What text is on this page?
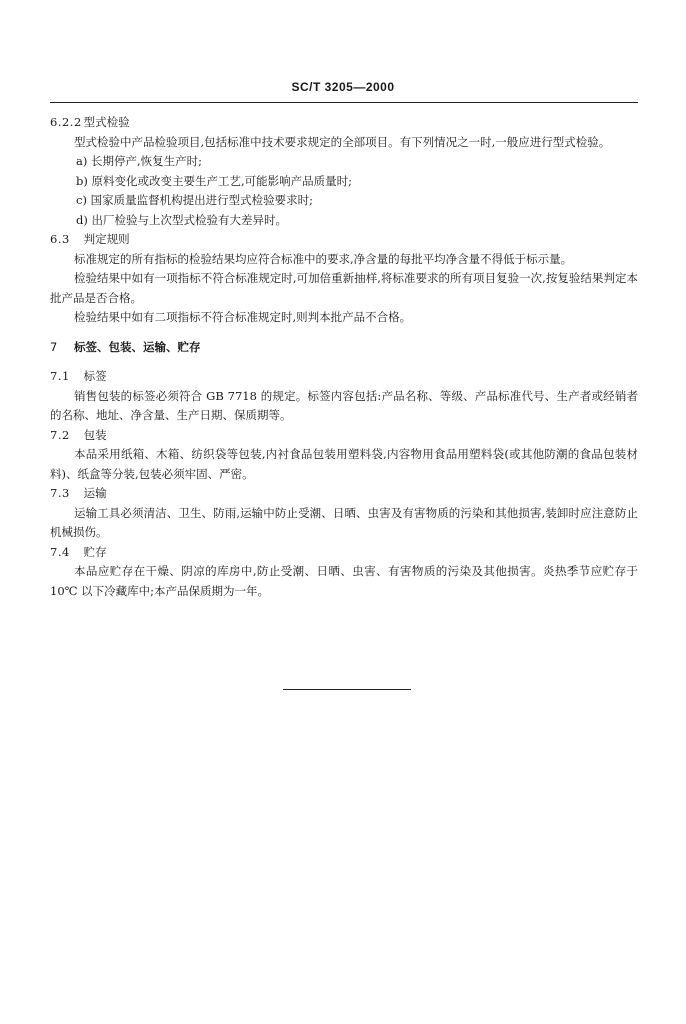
SC/T 3205—2000
6.2.2 型式检验

型式检验中产品检验项目,包括标准中技术要求规定的全部项目。有下列情况之一时,一般应进行型式检验。

a) 长期停产,恢复生产时;

b) 原料变化或改变主要生产工艺,可能影响产品质量时;

c) 国家质量监督机构提出进行型式检验要求时;

d) 出厂检验与上次型式检验有大差异时。

6.3 判定规则

标准规定的所有指标的检验结果均应符合标准中的要求,净含量的每批平均净含量不得低于标示量。

检验结果中如有一项指标不符合标准规定时,可加倍重新抽样,将标准要求的所有项目复验一次,按复验结果判定本批产品是否合格。

检验结果中如有二项指标不符合标准规定时,则判本批产品不合格。

7 标签、包装、运输、贮存
7.1 标签

销售包装的标签必须符合 GB 7718 的规定。标签内容包括:产品名称、等级、产品标准代号、生产者或经销者的名称、地址、净含量、生产日期、保质期等。

7.2 包装

本品采用纸箱、木箱、纺织袋等包装,内衬食品包装用塑料袋,内容物用食品用塑料袋(或其他防潮的食品包装材料)、纸盒等分装,包装必须牢固、严密。

7.3 运输

运输工具必须清洁、卫生、防雨,运输中防止受潮、日晒、虫害及有害物质的污染和其他损害,装卸时应注意防止机械损伤。

7.4 贮存

本品应贮存在干燥、阴凉的库房中,防止受潮、日晒、虫害、有害物质的污染及其他损害。炎热季节应贮存于 10℃ 以下冷藏库中;本产品保质期为一年。
